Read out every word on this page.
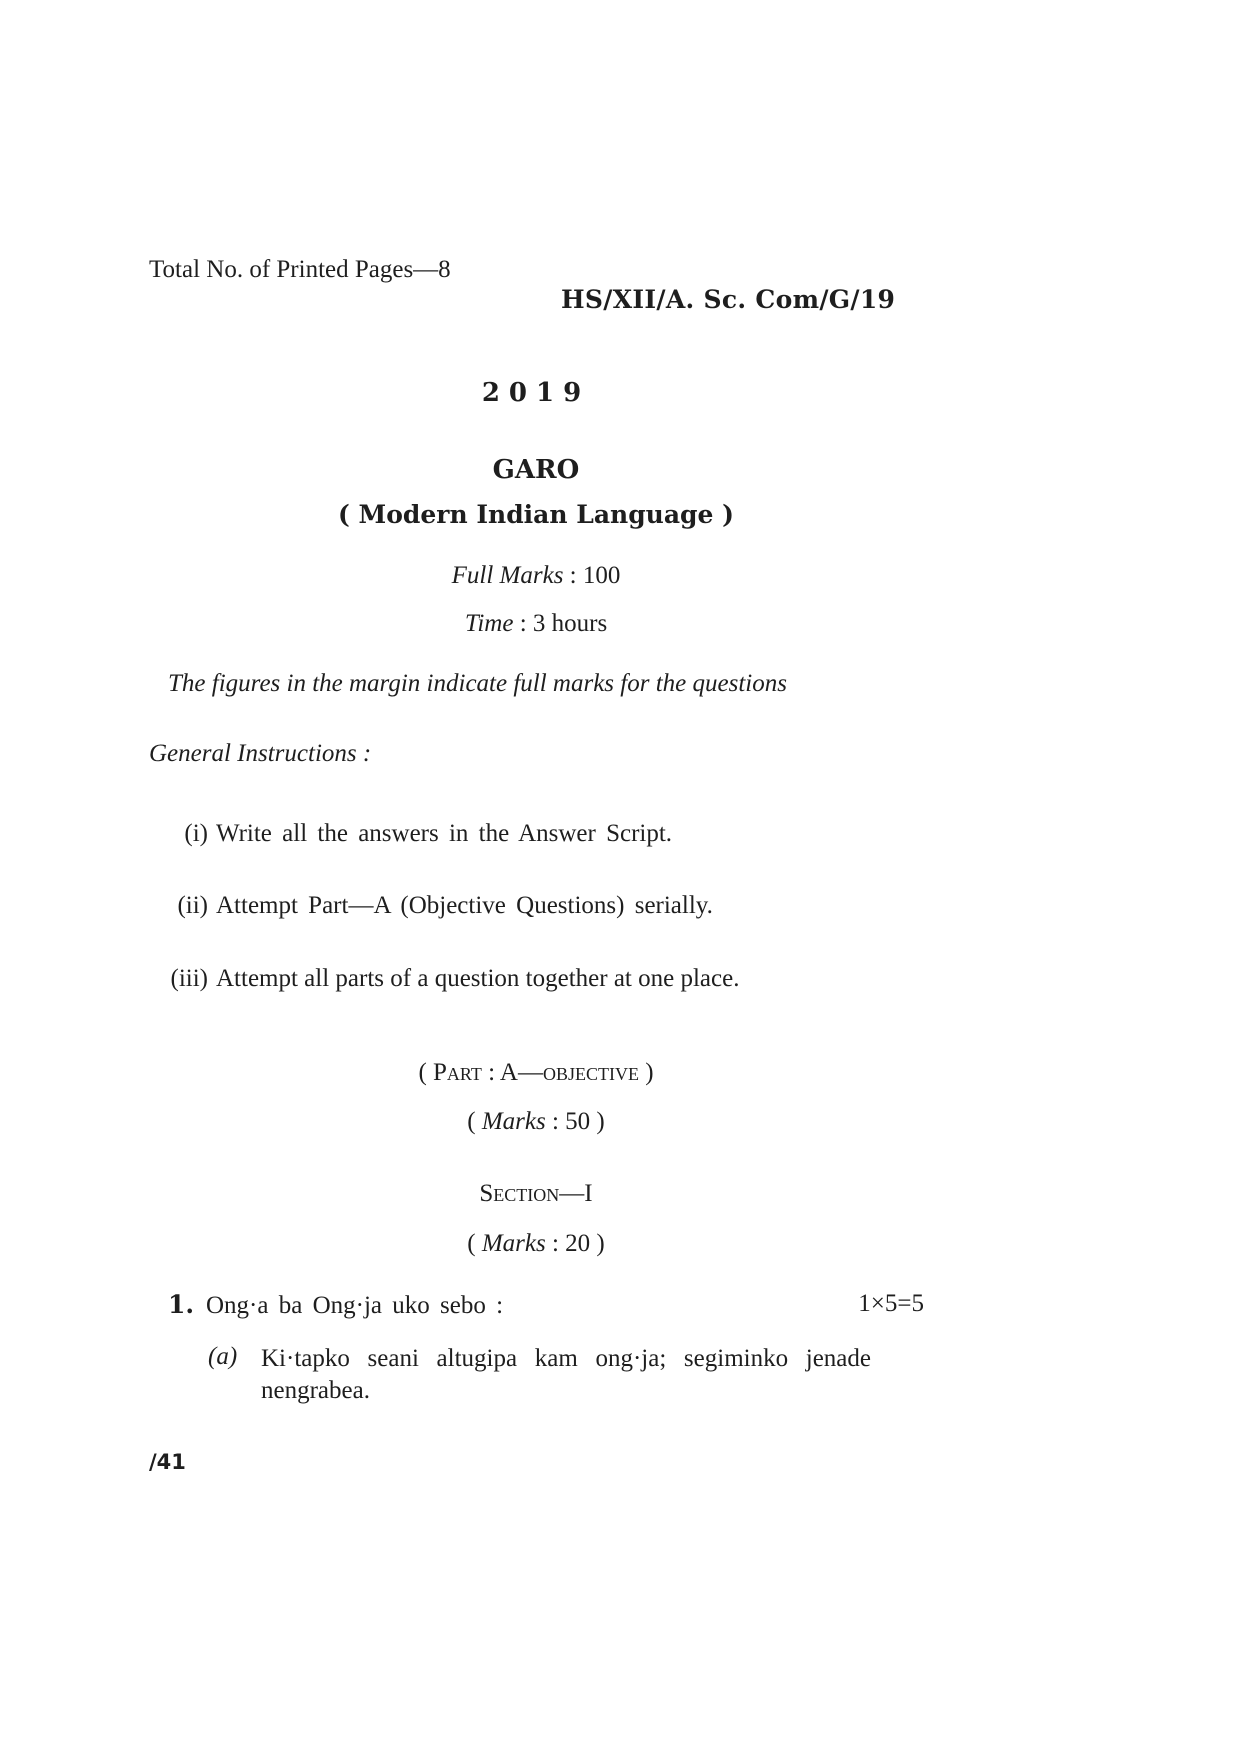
Total No. of Printed Pages—8
HS/XII/A. Sc. Com/G/19
2019
GARO
( Modern Indian Language )
Full Marks : 100
Time : 3 hours
The figures in the margin indicate full marks for the questions
General Instructions :
(i) Write all the answers in the Answer Script.
(ii) Attempt Part—A (Objective Questions) serially.
(iii) Attempt all parts of a question together at one place.
( Part : A—objective )
( Marks : 50 )
Section—I
( Marks : 20 )
1. Ong·a ba Ong·ja uko sebo :	1×5=5
(a) Ki·tapko seani altugipa kam ong·ja; segiminko jenade nengrabea.
/41
